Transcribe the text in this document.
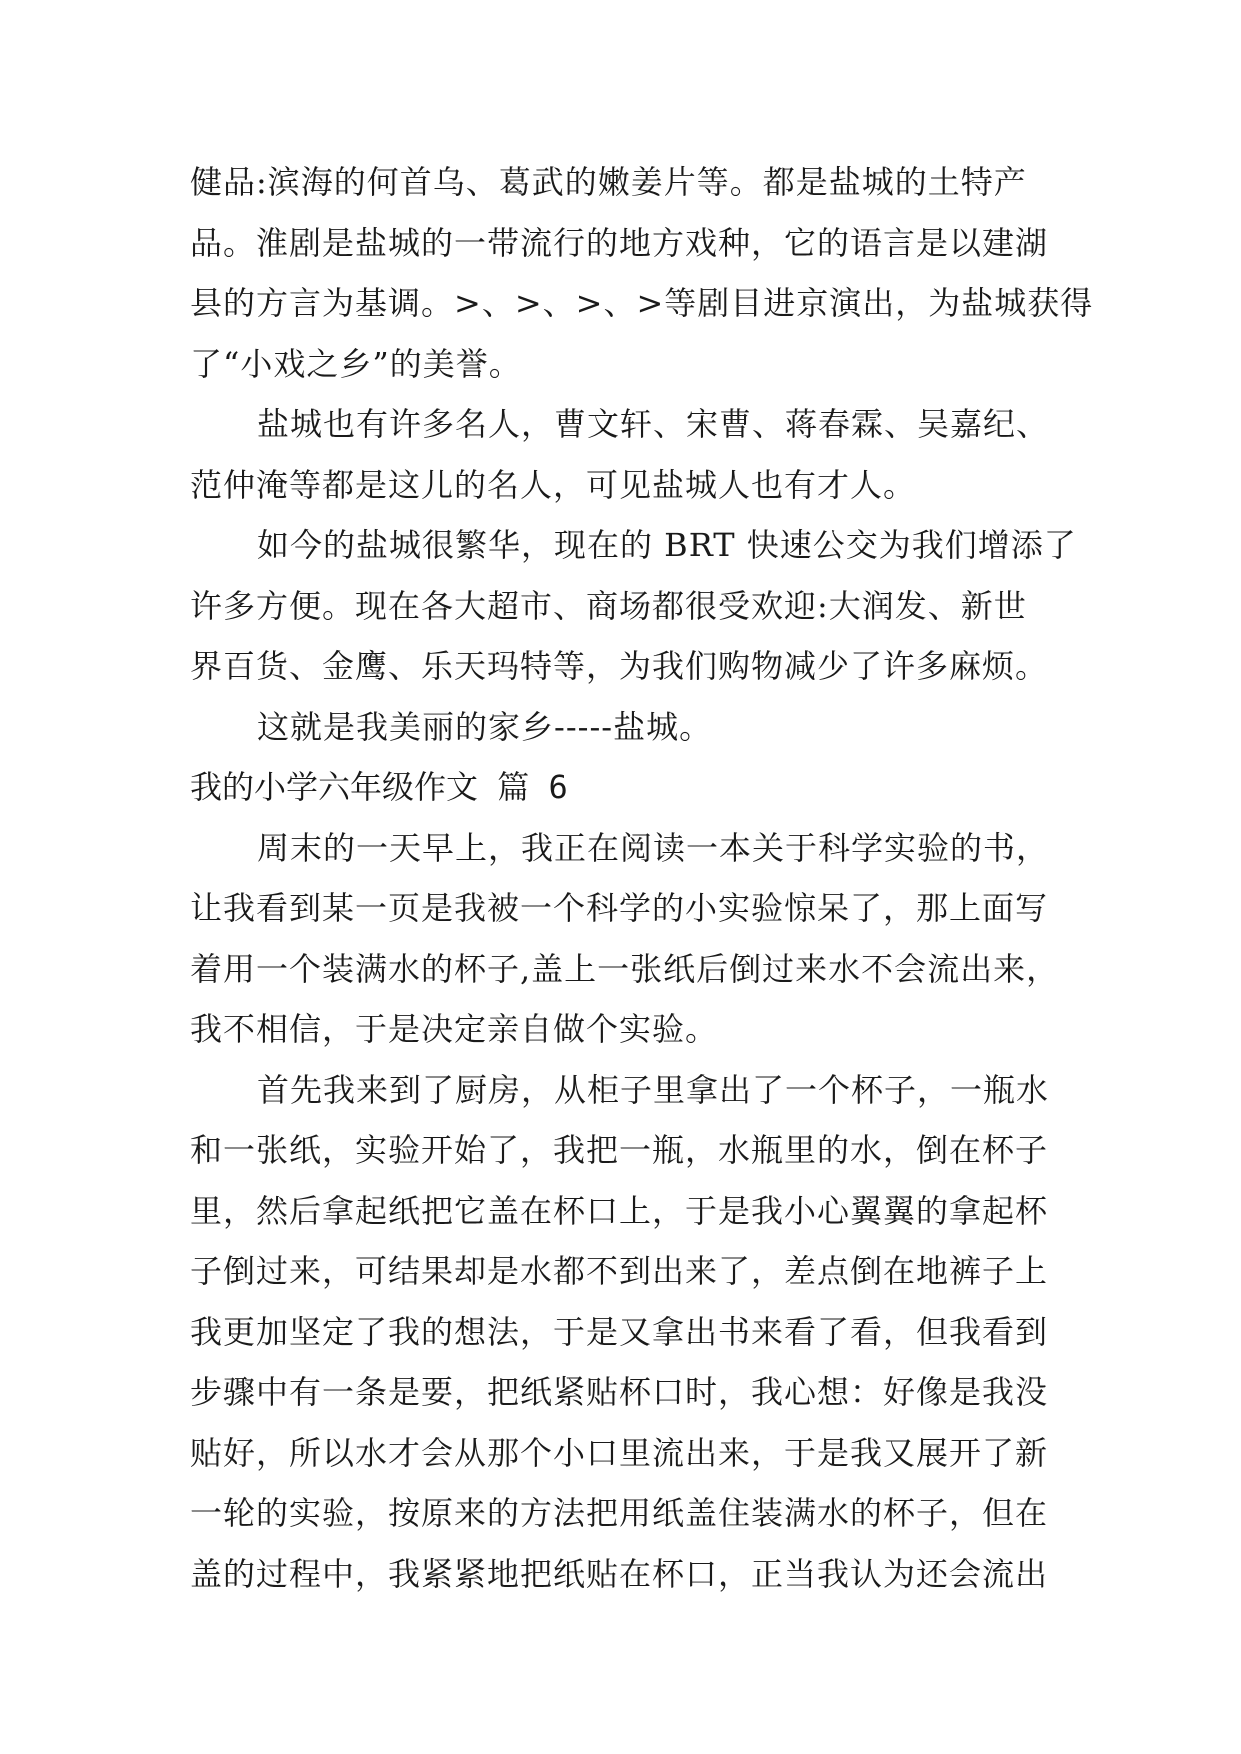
健品:滨海的何首乌、葛武的嫩姜片等。都是盐城的土特产
品。淮剧是盐城的一带流行的地方戏种，它的语言是以建湖
县的方言为基调。>、>、>、>等剧目进京演出，为盐城获得
了“小戏之乡”的美誉。
盐城也有许多名人，曹文轩、宋曹、蒋春霖、吴嘉纪、
范仲淹等都是这儿的名人，可见盐城人也有才人。
如今的盐城很繁华，现在的 BRT 快速公交为我们增添了
许多方便。现在各大超市、商场都很受欢迎:大润发、新世
界百货、金鹰、乐天玛特等，为我们购物减少了许多麻烦。
这就是我美丽的家乡-----盐城。
我的小学六年级作文 篇 6
周末的一天早上，我正在阅读一本关于科学实验的书，
让我看到某一页是我被一个科学的小实验惊呆了，那上面写
着用一个装满水的杯子,盖上一张纸后倒过来水不会流出来，
我不相信，于是决定亲自做个实验。
首先我来到了厨房，从柜子里拿出了一个杯子，一瓶水
和一张纸，实验开始了，我把一瓶，水瓶里的水，倒在杯子
里，然后拿起纸把它盖在杯口上，于是我小心翼翼的拿起杯
子倒过来，可结果却是水都不到出来了，差点倒在地裤子上
我更加坚定了我的想法，于是又拿出书来看了看，但我看到
步骤中有一条是要，把纸紧贴杯口时，我心想：好像是我没
贴好，所以水才会从那个小口里流出来，于是我又展开了新
一轮的实验，按原来的方法把用纸盖住装满水的杯子，但在
盖的过程中，我紧紧地把纸贴在杯口，正当我认为还会流出
